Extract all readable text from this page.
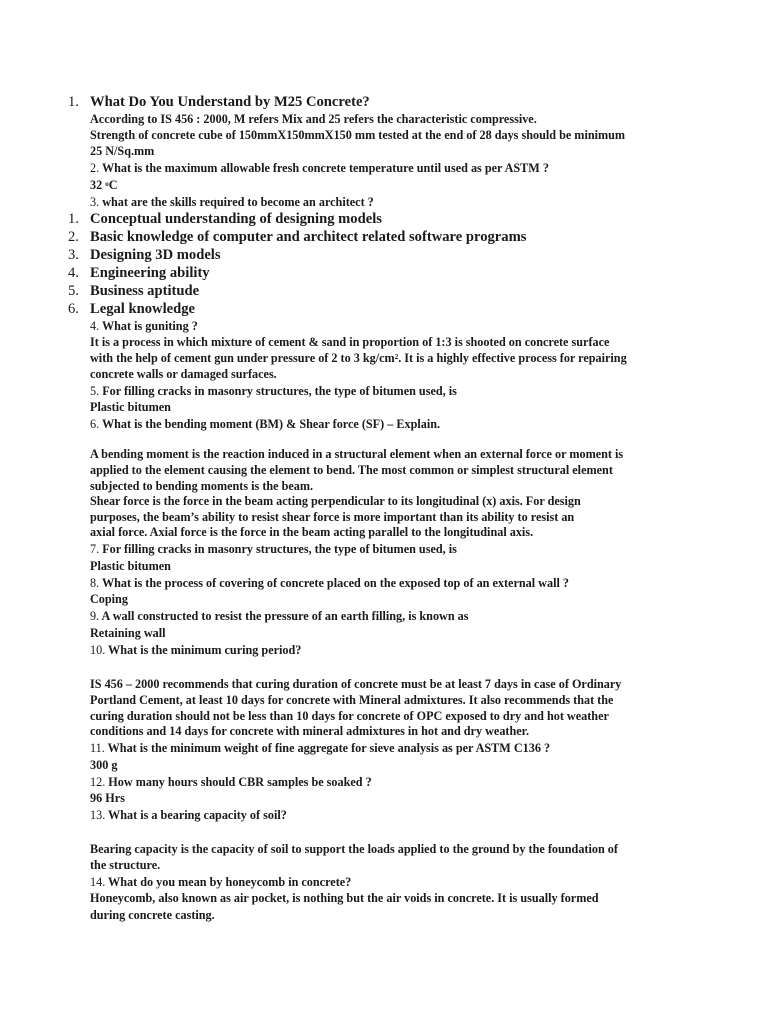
1. What Do You Understand by M25 Concrete?
According to IS 456 : 2000, M refers Mix and 25 refers the characteristic compressive.
Strength of concrete cube of 150mmX150mmX150 mm tested at the end of 28 days should be minimum
25 N/Sq.mm
2. What is the maximum allowable fresh concrete temperature until used as per ASTM ?
32 $^o$C
3. what are the skills required to become an architect ?
1. Conceptual understanding of designing models
2. Basic knowledge of computer and architect related software programs
3. Designing 3D models
4. Engineering ability
5. Business aptitude
6. Legal knowledge
4. What is guniting ?
It is a process in which mixture of cement & sand in proportion of 1:3 is shooted on concrete surface
with the help of cement gun under pressure of 2 to 3 $kg/cm^2$. It is a highly effective process for repairing
concrete walls or damaged surfaces.
5. For filling cracks in masonry structures, the type of bitumen used, is
Plastic bitumen
6. What is the bending moment (BM) & Shear force (SF) – Explain.
A bending moment is the reaction induced in a structural element when an external force or moment is
applied to the element causing the element to bend. The most common or simplest structural element
subjected to bending moments is the beam.
Shear force is the force in the beam acting perpendicular to its longitudinal (x) axis. For design
purposes, the beam’s ability to resist shear force is more important than its ability to resist an
axial force. Axial force is the force in the beam acting parallel to the longitudinal axis.
7. For filling cracks in masonry structures, the type of bitumen used, is
Plastic bitumen
8. What is the process of covering of concrete placed on the exposed top of an external wall ?
Coping
9. A wall constructed to resist the pressure of an earth filling, is known as
Retaining wall
10. What is the minimum curing period?
IS 456 – 2000 recommends that curing duration of concrete must be at least 7 days in case of Ordinary
Portland Cement, at least 10 days for concrete with Mineral admixtures. It also recommends that the
curing duration should not be less than 10 days for concrete of OPC exposed to dry and hot weather
conditions and 14 days for concrete with mineral admixtures in hot and dry weather.
11. What is the minimum weight of fine aggregate for sieve analysis as per ASTM C136 ?
300 g
12. How many hours should CBR samples be soaked ?
96 Hrs
13. What is a bearing capacity of soil?
Bearing capacity is the capacity of soil to support the loads applied to the ground by the foundation of
the structure.
14. What do you mean by honeycomb in concrete?
Honeycomb, also known as air pocket, is nothing but the air voids in concrete. It is usually formed
during concrete casting.
